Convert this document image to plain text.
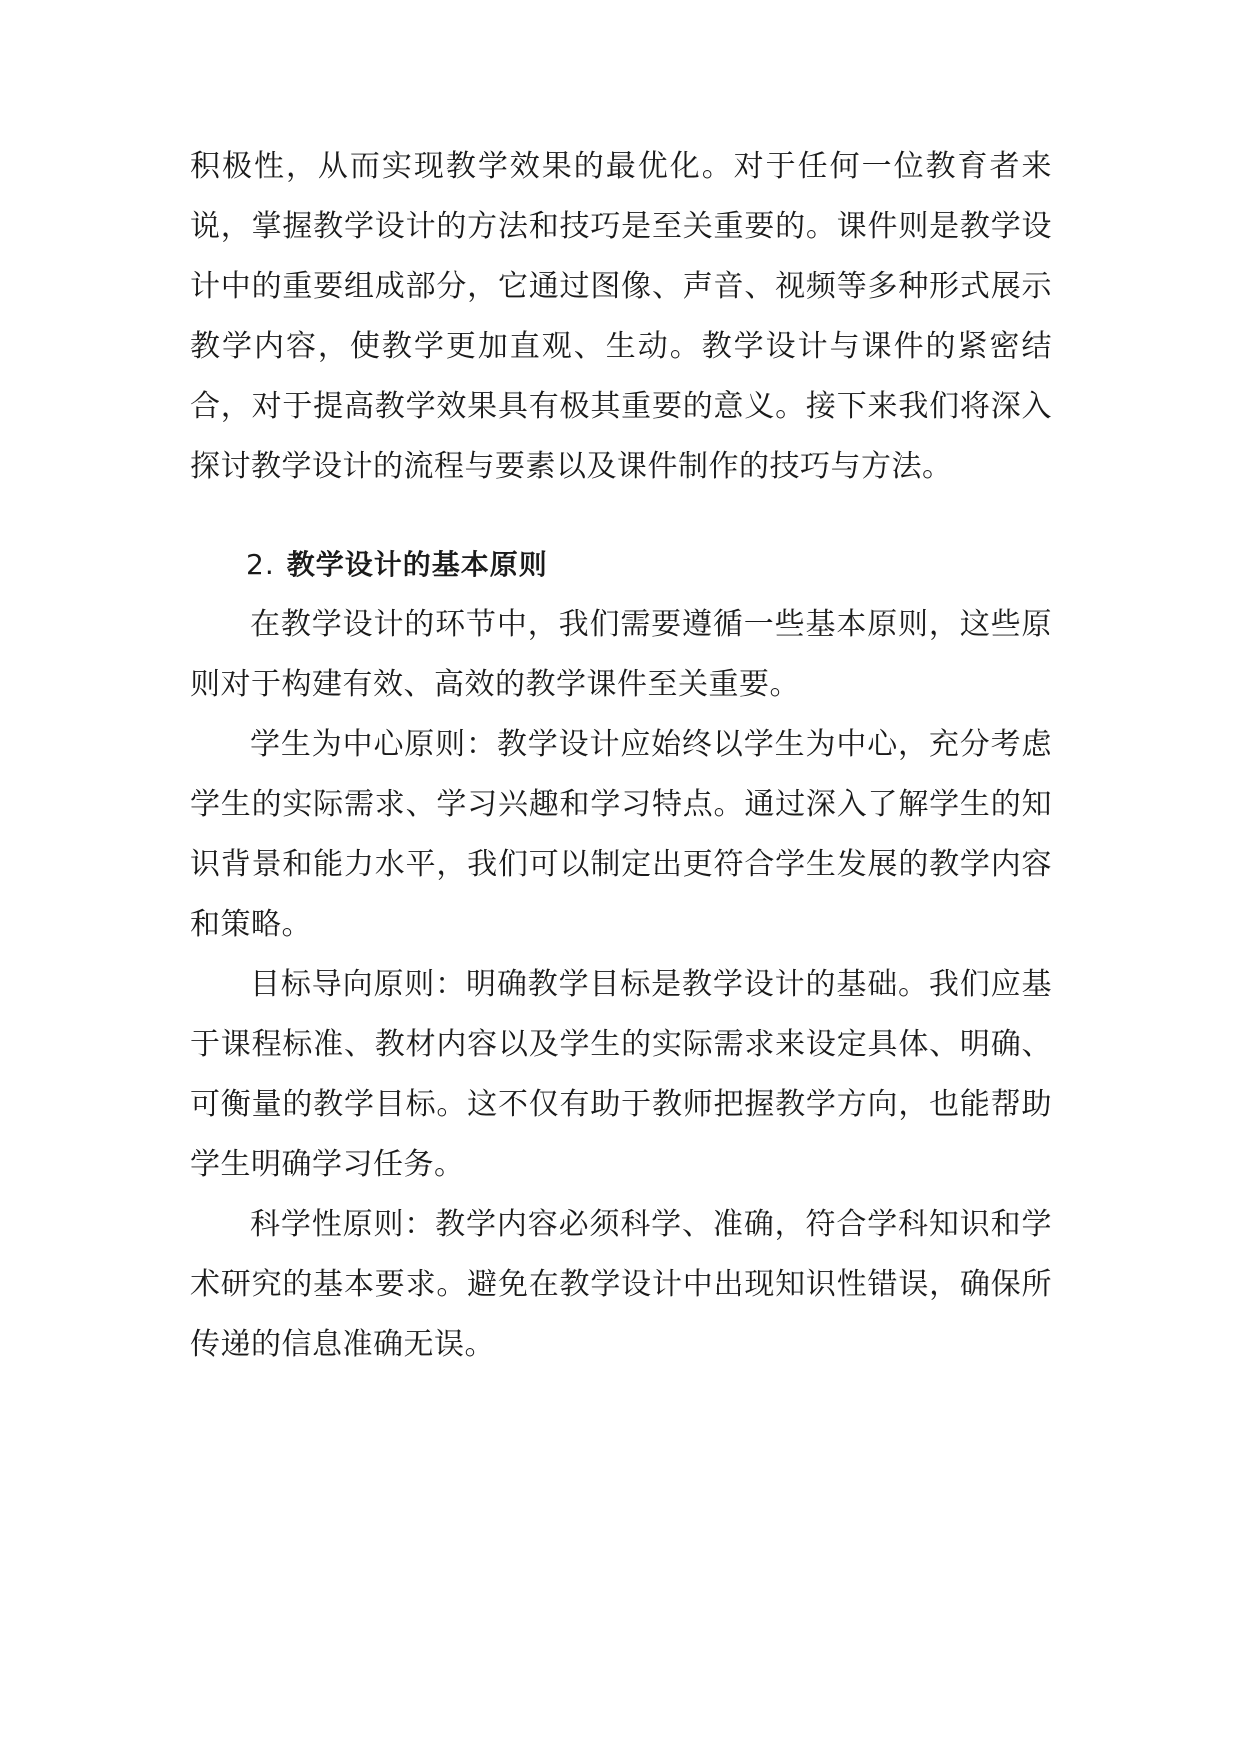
积极性，从而实现教学效果的最优化。对于任何一位教育者来说，掌握教学设计的方法和技巧是至关重要的。课件则是教学设计中的重要组成部分，它通过图像、声音、视频等多种形式展示教学内容，使教学更加直观、生动。教学设计与课件的紧密结合，对于提高教学效果具有极其重要的意义。接下来我们将深入探讨教学设计的流程与要素以及课件制作的技巧与方法。

2. 教学设计的基本原则

在教学设计的环节中，我们需要遵循一些基本原则，这些原则对于构建有效、高效的教学课件至关重要。

学生为中心原则：教学设计应始终以学生为中心，充分考虑学生的实际需求、学习兴趣和学习特点。通过深入了解学生的知识背景和能力水平，我们可以制定出更符合学生发展的教学内容和策略。

目标导向原则：明确教学目标是教学设计的基础。我们应基于课程标准、教材内容以及学生的实际需求来设定具体、明确、可衡量的教学目标。这不仅有助于教师把握教学方向，也能帮助学生明确学习任务。

科学性原则：教学内容必须科学、准确，符合学科知识和学术研究的基本要求。避免在教学设计中出现知识性错误，确保所传递的信息准确无误。
